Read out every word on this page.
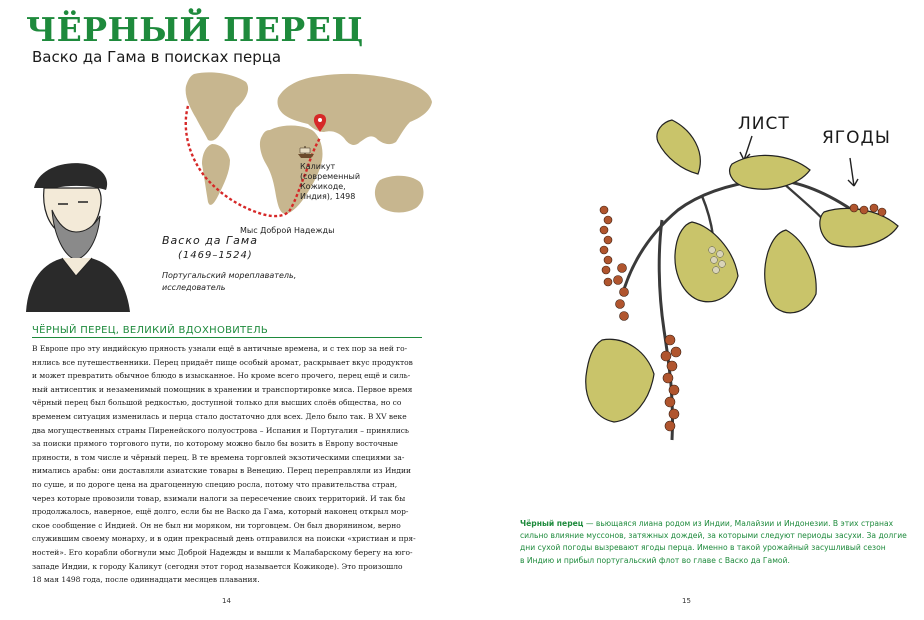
ЧЁРНЫЙ ПЕРЕЦ
Васко да Гама в поисках перца
Каликут
(современный
Кожикоде,
Индия), 1498
Мыс Доброй Надежды
Васко да Гама
(1469–1524)
Португальский мореплаватель,
исследователь
ЧЁРНЫЙ ПЕРЕЦ, ВЕЛИКИЙ ВДОХНОВИТЕЛЬ
В Европе про эту индийскую пряность узнали ещё в античные времена, и с тех пор за ней го-
нялись все путешественники. Перец придаёт пище особый аромат, раскрывает вкус продуктов
и может превратить обычное блюдо в изысканное. Но кроме всего прочего, перец ещё и силь-
ный антисептик и незаменимый помощник в хранении и транспортировке мяса. Первое время
чёрный перец был большой редкостью, доступной только для высших слоёв общества, но со
временем ситуация изменилась и перца стало достаточно для всех. Дело было так. В XV веке
два могущественных страны Пиренейского полуострова – Испания и Португалия – принялись
за поиски прямого торгового пути, по которому можно было бы возить в Европу восточные
пряности, в том числе и чёрный перец. В те времена торговлей экзотическими специями за-
нимались арабы: они доставляли азиатские товары в Венецию. Перец переправляли из Индии
по суше, и по дороге цена на драгоценную специю росла, потому что правительства стран,
через которые провозили товар, взимали налоги за пересечение своих территорий. И так бы
продолжалось, наверное, ещё долго, если бы не Васко да Гама, который наконец открыл мор-
ское сообщение с Индией. Он не был ни моряком, ни торговцем. Он был дворянином, верно
служившим своему монарху, и в один прекрасный день отправился на поиски «христиан и пря-
ностей». Его корабли обогнули мыс Доброй Надежды и вышли к Малабарскому берегу на юго-
западе Индии, к городу Каликут (сегодня этот город называется Кожикоде). Это произошло
18 мая 1498 года, после одиннадцати месяцев плавания.
14
ЛИСТ
ЯГОДЫ
Чёрный перец — вьющаяся лиана родом из Индии, Малайзии и Индонезии. В этих странах
сильно влияние муссонов, затяжных дождей, за которыми следуют периоды засухи. За долгие
дни сухой погоды вызревают ягоды перца. Именно в такой урожайный засушливый сезон
в Индию и прибыл португальский флот во главе с Васко да Гамой.
15
